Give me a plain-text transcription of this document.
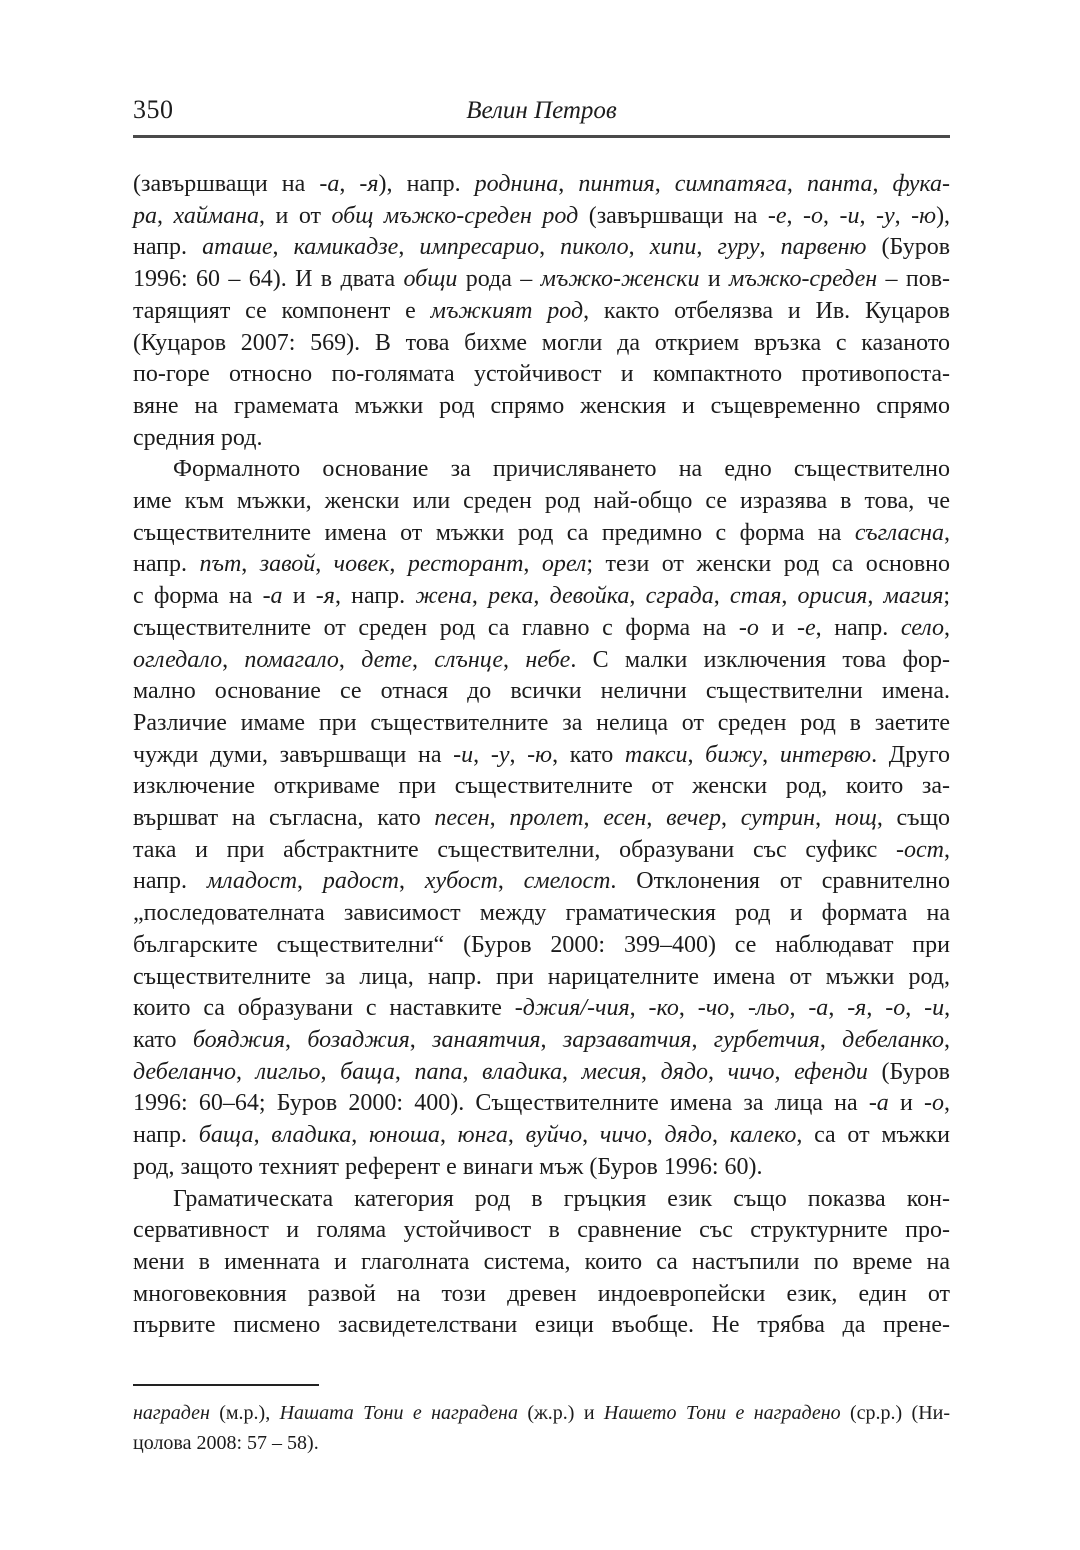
350	Велин Петров
(завършващи на -а, -я), напр. роднина, пинтия, симпатяга, панта, фука-
ра, хаймана, и от общ мъжко-среден род (завършващи на -е, -о, -и, -у, -ю),
напр. аташе, камикадзе, импресарио, пиколо, хипи, гуру, парвеню (Буров
1996: 60 – 64). И в двата общи рода – мъжко-женски и мъжко-среден – пов-
тарящият се компонент е мъжкият род, както отбелязва и Ив. Куцаров
(Куцаров 2007: 569). В това бихме могли да открием връзка с казаното
по-горе относно по-голямата устойчивост и компактното противопоста-
вяне на грамемата мъжки род спрямо женския и същевременно спрямо
средния род.
Формалното основание за причисляването на едно съществително
име към мъжки, женски или среден род най-общо се изразява в това, че
съществителните имена от мъжки род са предимно с форма на съгласна,
напр. път, завой, човек, ресторант, орел; тези от женски род са основно
с форма на -а и -я, напр. жена, река, девойка, сграда, стая, орисия, магия;
съществителните от среден род са главно с форма на -о и -е, напр. село,
огледало, помагало, дете, слънце, небе. С малки изключения това фор-
мално основание се отнася до всички нелични съществителни имена.
Различие имаме при съществителните за нелица от среден род в заетите
чужди думи, завършващи на -и, -у, -ю, като такси, бижу, интервю. Друго
изключение откриваме при съществителните от женски род, които за-
вършват на съгласна, като песен, пролет, есен, вечер, сутрин, нощ, също
така и при абстрактните съществителни, образувани със суфикс -ост,
напр. младост, радост, хубост, смелост. Отклонения от сравнително
„последователната зависимост между граматическия род и формата на
българските съществителни“ (Буров 2000: 399–400) се наблюдават при
съществителните за лица, напр. при нарицателните имена от мъжки род,
които са образувани с наставките -джия/-чия, -ко, -чо, -льо, -а, -я, -о, -и,
като бояджия, бозаджия, занаятчия, зарзаватчия, гурбетчия, дебеланко,
дебеланчо, лигльо, баща, папа, владика, месия, дядо, чичо, ефенди (Буров
1996: 60–64; Буров 2000: 400). Съществителните имена за лица на -а и -о,
напр. баща, владика, юноша, юнга, вуйчо, чичо, дядо, калеко, са от мъжки
род, защото техният референт е винаги мъж (Буров 1996: 60).
Граматическата категория род в гръцкия език също показва кон-
сервативност и голяма устойчивост в сравнение със структурните про-
мени в именната и глаголната система, които са настъпили по време на
многовековния развой на този древен индоевропейски език, един от
първите писмено засвидетелствани езици въобще. Не трябва да прене-
награден (м.р.), Нашата Тони е наградена (ж.р.) и Нашето Тони е наградено (ср.р.) (Ни-
цолова 2008: 57 – 58).
